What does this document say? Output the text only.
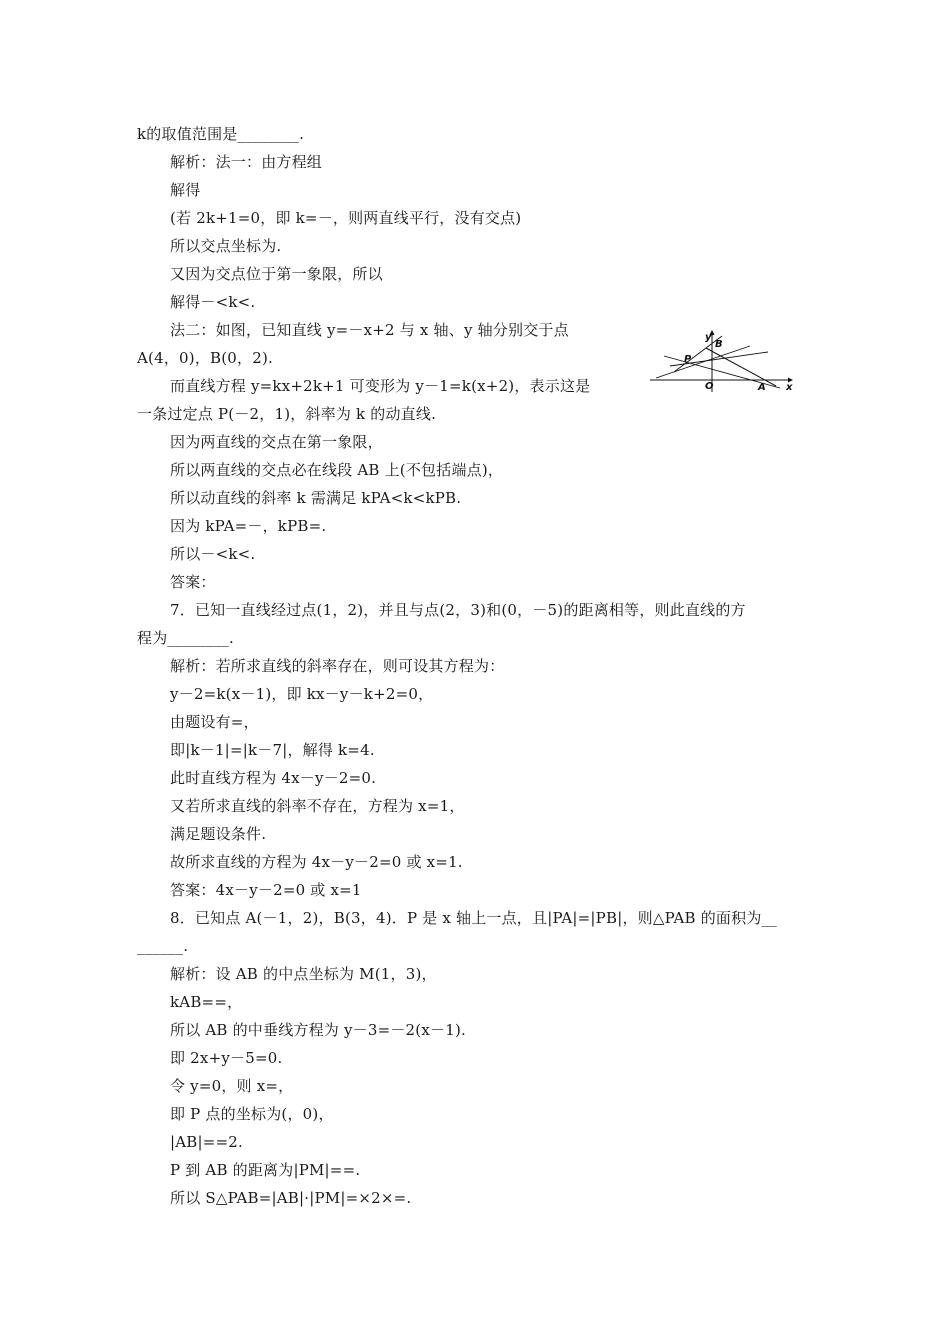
k的取值范围是________.
解析：法一：由方程组
解得
(若 2k+1=0，即 k=－，则两直线平行，没有交点)
所以交点坐标为.
又因为交点位于第一象限，所以
解得－<k<.
法二：如图，已知直线 y=－x+2 与 x 轴、y 轴分别交于点
A(4，0)，B(0，2).
而直线方程 y=kx+2k+1 可变形为 y－1=k(x+2)，表示这是
一条过定点 P(－2，1)，斜率为 k 的动直线.
因为两直线的交点在第一象限，
所以两直线的交点必在线段 AB 上(不包括端点)，
所以动直线的斜率 k 需满足 kPA<k<kPB.
因为 kPA=－，kPB=.
所以－<k<.
答案：
7．已知一直线经过点(1，2)，并且与点(2，3)和(0，－5)的距离相等，则此直线的方
程为________.
解析：若所求直线的斜率存在，则可设其方程为：
y－2=k(x－1)，即 kx－y－k+2=0，
由题设有=，
即|k－1|=|k－7|，解得 k=4.
此时直线方程为 4x－y－2=0.
又若所求直线的斜率不存在，方程为 x=1，
满足题设条件.
故所求直线的方程为 4x－y－2=0 或 x=1.
答案：4x－y－2=0 或 x=1
8．已知点 A(－1，2)，B(3，4)．P 是 x 轴上一点，且|PA|=|PB|，则△PAB 的面积为__
______.
解析：设 AB 的中点坐标为 M(1，3)，
kAB==，
所以 AB 的中垂线方程为 y－3=－2(x－1).
即 2x+y－5=0.
令 y=0，则 x=，
即 P 点的坐标为(，0)，
|AB|==2.
P 到 AB 的距离为|PM|==.
所以 S△PAB=|AB|·|PM|=×2×=.
y
B
P
O	A x
